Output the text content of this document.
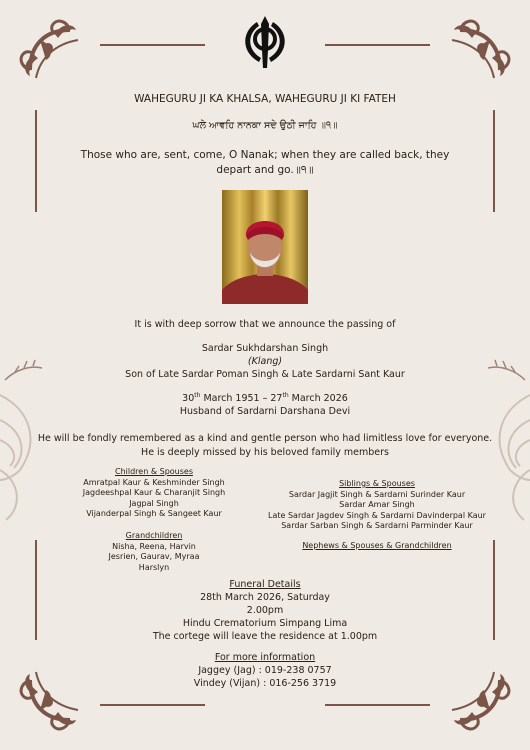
WAHEGURU JI KA KHALSA, WAHEGURU JI KI FATEH
ਘਲੇ ਆਵਹਿ ਨਾਨਕਾ ਸਦੇ ਉਠੀ ਜਾਹਿ ॥੧॥
Those who are, sent, come, O Nanak; when they are called back, they
depart and go.॥੧॥
It is with deep sorrow that we announce the passing of
Sardar Sukhdarshan Singh
(Klang)
Son of Late Sardar Poman Singh & Late Sardarni Sant Kaur
30th March 1951 – 27th March 2026
Husband of Sardarni Darshana Devi
He will be fondly remembered as a kind and gentle person who had limitless love for everyone.
He is deeply missed by his beloved family members
Children & Spouses
Amratpal Kaur & Keshminder Singh
Jagdeeshpal Kaur & Charanjit Singh
Jagpal Singh
Vijanderpal Singh & Sangeet Kaur
Grandchildren
Nisha, Reena, Harvin
Jesrien, Gaurav, Myraa
Harslyn
Siblings & Spouses
Sardar Jagjit Singh & Sardarni Surinder Kaur
Sardar Amar Singh
Late Sardar Jagdev Singh & Sardarni Davinderpal Kaur
Sardar Sarban Singh & Sardarni Parminder Kaur
Nephews & Spouses & Grandchildren
Funeral Details
28th March 2026, Saturday
2.00pm
Hindu Crematorium Simpang Lima
The cortege will leave the residence at 1.00pm
For more information
Jaggey (Jag) : 019-238 0757
Vindey (Vijan) : 016-256 3719
